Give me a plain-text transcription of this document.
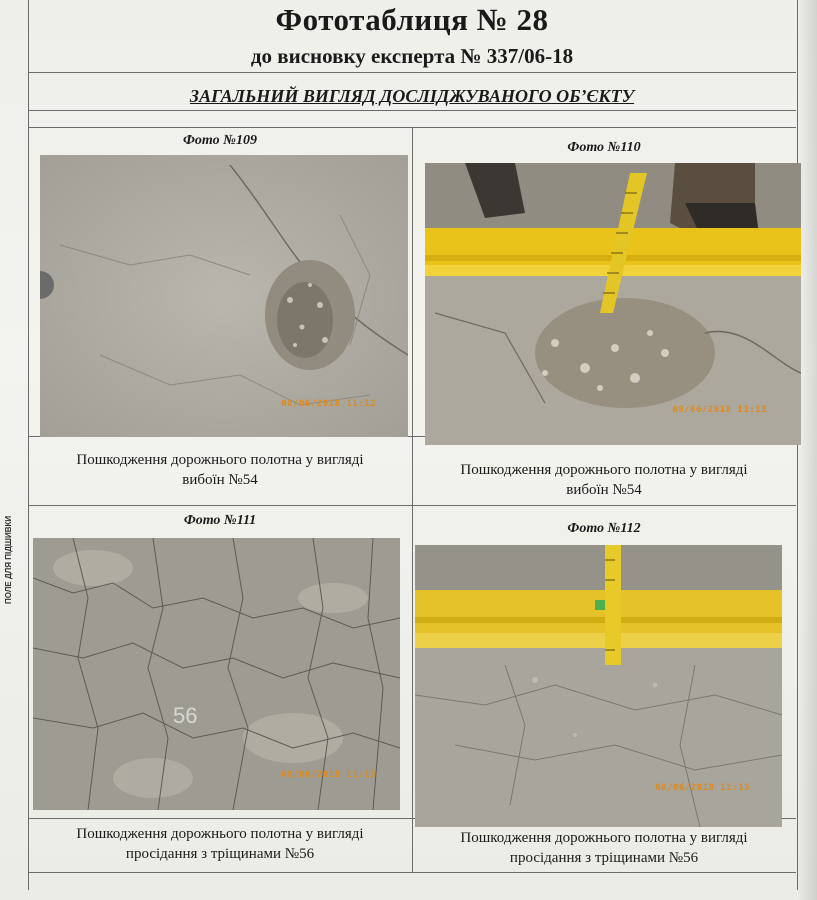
ПОЛЕ ДЛЯ ПІДШИВКИ
Фототаблиця № 28
до висновку експерта № 337/06-18
ЗАГАЛЬНИЙ ВИГЛЯД ДОСЛІДЖУВАНОГО ОБ’ЄКТУ
Фото №109
08/06/2018 11:12
Пошкодження дорожнього полотна у вигляді
вибоїн №54
Фото №110
08/06/2018 11:13
Пошкодження дорожнього полотна у вигляді
вибоїн №54
Фото №111
56
08/06/2018 11:15
Пошкодження дорожнього полотна у вигляді
просідання з тріщинами №56
Фото №112
08/06/2018 11:15
Пошкодження дорожнього полотна у вигляді
просідання з тріщинами №56
